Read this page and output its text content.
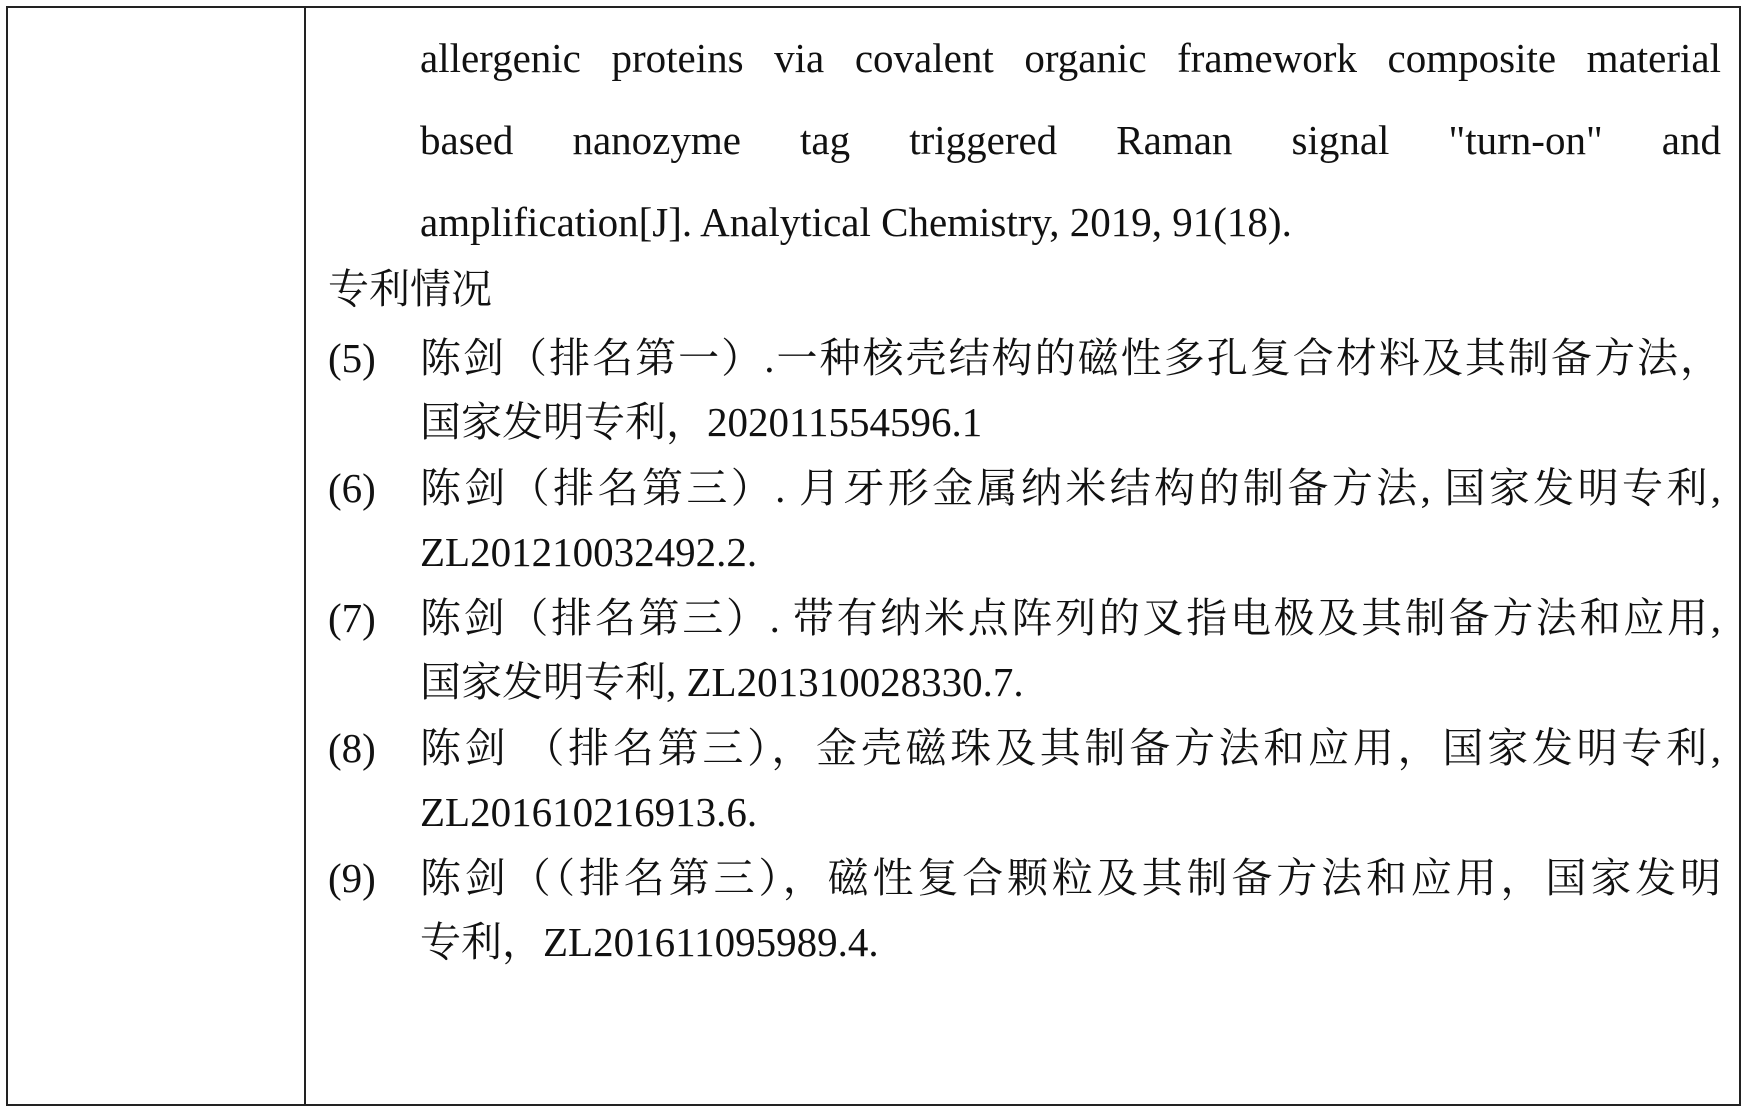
allergenic proteins via covalent organic framework composite material
based nanozyme tag triggered Raman signal "turn-on" and
amplification[J]. Analytical Chemistry, 2019, 91(18).
专利情况
(5) 陈剑（排名第一）.一种核壳结构的磁性多孔复合材料及其制备方法，
国家发明专利，202011554596.1
(6) 陈剑（排名第三）. 月牙形金属纳米结构的制备方法, 国家发明专利,
ZL201210032492.2.
(7) 陈剑（排名第三）. 带有纳米点阵列的叉指电极及其制备方法和应用,
国家发明专利, ZL201310028330.7.
(8) 陈剑 （排名第三），金壳磁珠及其制备方法和应用，国家发明专利,
ZL201610216913.6.
(9) 陈剑（（排名第三），磁性复合颗粒及其制备方法和应用，国家发明
专利，ZL201611095989.4.
